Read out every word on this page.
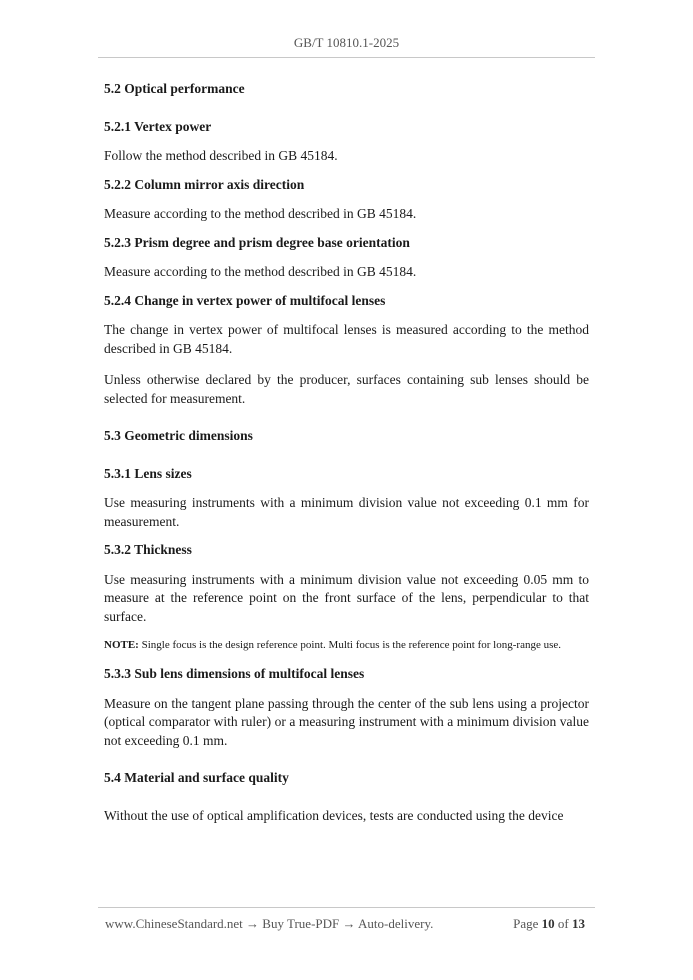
GB/T 10810.1-2025
5.2 Optical performance
5.2.1 Vertex power
Follow the method described in GB 45184.
5.2.2 Column mirror axis direction
Measure according to the method described in GB 45184.
5.2.3 Prism degree and prism degree base orientation
Measure according to the method described in GB 45184.
5.2.4 Change in vertex power of multifocal lenses
The change in vertex power of multifocal lenses is measured according to the method described in GB 45184.
Unless otherwise declared by the producer, surfaces containing sub lenses should be selected for measurement.
5.3 Geometric dimensions
5.3.1 Lens sizes
Use measuring instruments with a minimum division value not exceeding 0.1 mm for measurement.
5.3.2 Thickness
Use measuring instruments with a minimum division value not exceeding 0.05 mm to measure at the reference point on the front surface of the lens, perpendicular to that surface.
NOTE: Single focus is the design reference point. Multi focus is the reference point for long-range use.
5.3.3 Sub lens dimensions of multifocal lenses
Measure on the tangent plane passing through the center of the sub lens using a projector (optical comparator with ruler) or a measuring instrument with a minimum division value not exceeding 0.1 mm.
5.4 Material and surface quality
Without the use of optical amplification devices, tests are conducted using the device
www.ChineseStandard.net → Buy True-PDF → Auto-delivery.	Page 10 of 13
